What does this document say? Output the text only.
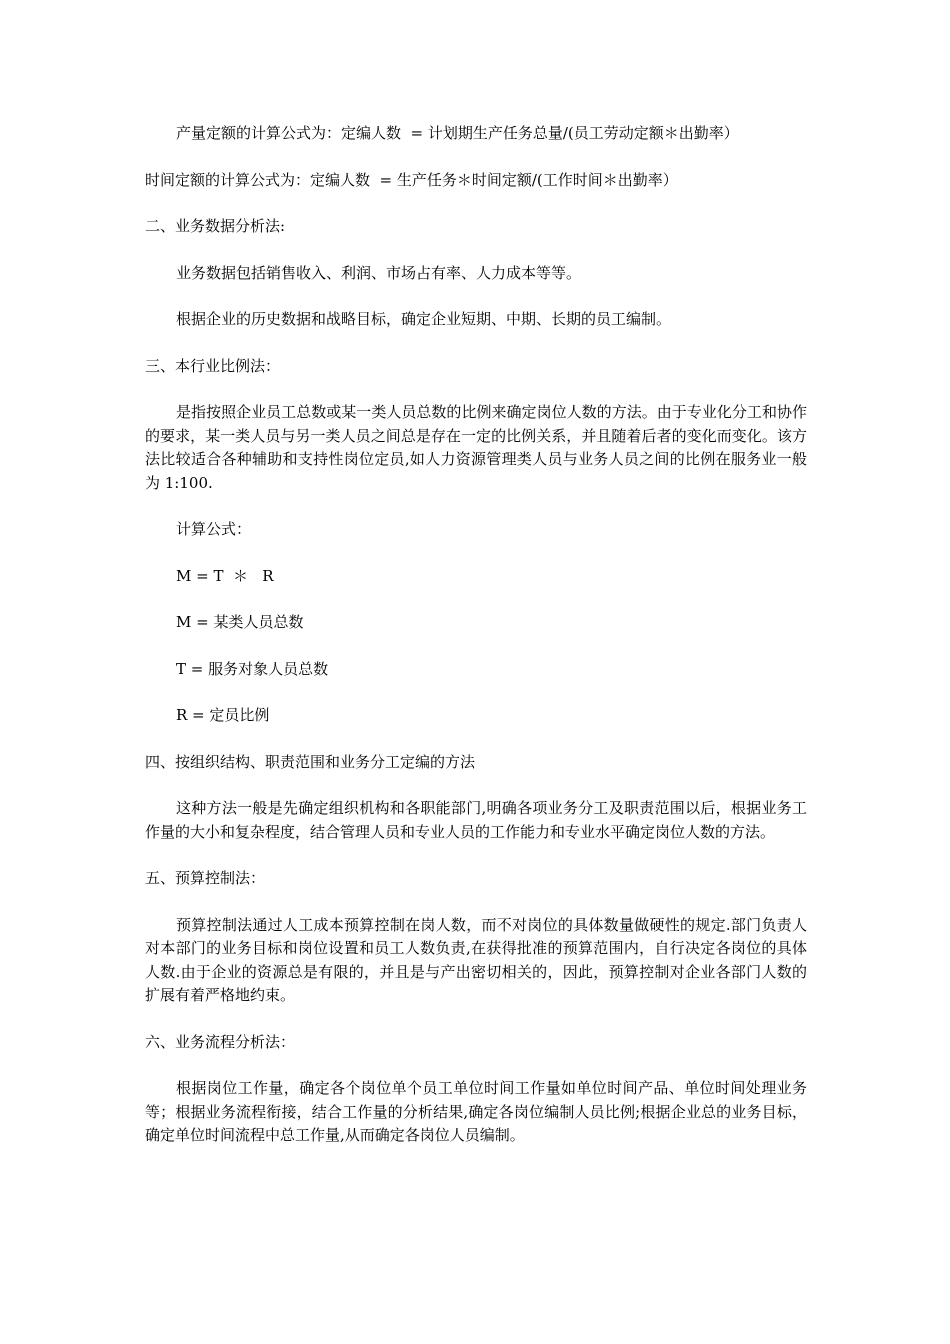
产量定额的计算公式为：定编人数  = 计划期生产任务总量/(员工劳动定额＊出勤率）

时间定额的计算公式为：定编人数  = 生产任务＊时间定额/(工作时间＊出勤率）

二、业务数据分析法:

业务数据包括销售收入、利润、市场占有率、人力成本等等。

根据企业的历史数据和战略目标，确定企业短期、中期、长期的员工编制。

三、本行业比例法：

是指按照企业员工总数或某一类人员总数的比例来确定岗位人数的方法。由于专业化分工和协作的要求，某一类人员与另一类人员之间总是存在一定的比例关系，并且随着后者的变化而变化。该方法比较适合各种辅助和支持性岗位定员,如人力资源管理类人员与业务人员之间的比例在服务业一般为 1:100.

计算公式：

M = T  ＊   R

M = 某类人员总数

T = 服务对象人员总数

R = 定员比例

四、按组织结构、职责范围和业务分工定编的方法

这种方法一般是先确定组织机构和各职能部门,明确各项业务分工及职责范围以后，根据业务工作量的大小和复杂程度，结合管理人员和专业人员的工作能力和专业水平确定岗位人数的方法。

五、预算控制法：

预算控制法通过人工成本预算控制在岗人数，而不对岗位的具体数量做硬性的规定.部门负责人对本部门的业务目标和岗位设置和员工人数负责,在获得批准的预算范围内，自行决定各岗位的具体人数.由于企业的资源总是有限的，并且是与产出密切相关的，因此，预算控制对企业各部门人数的扩展有着严格地约束。

六、业务流程分析法：

根据岗位工作量，确定各个岗位单个员工单位时间工作量如单位时间产品、单位时间处理业务等；根据业务流程衔接，结合工作量的分析结果,确定各岗位编制人员比例;根据企业总的业务目标，确定单位时间流程中总工作量,从而确定各岗位人员编制。
